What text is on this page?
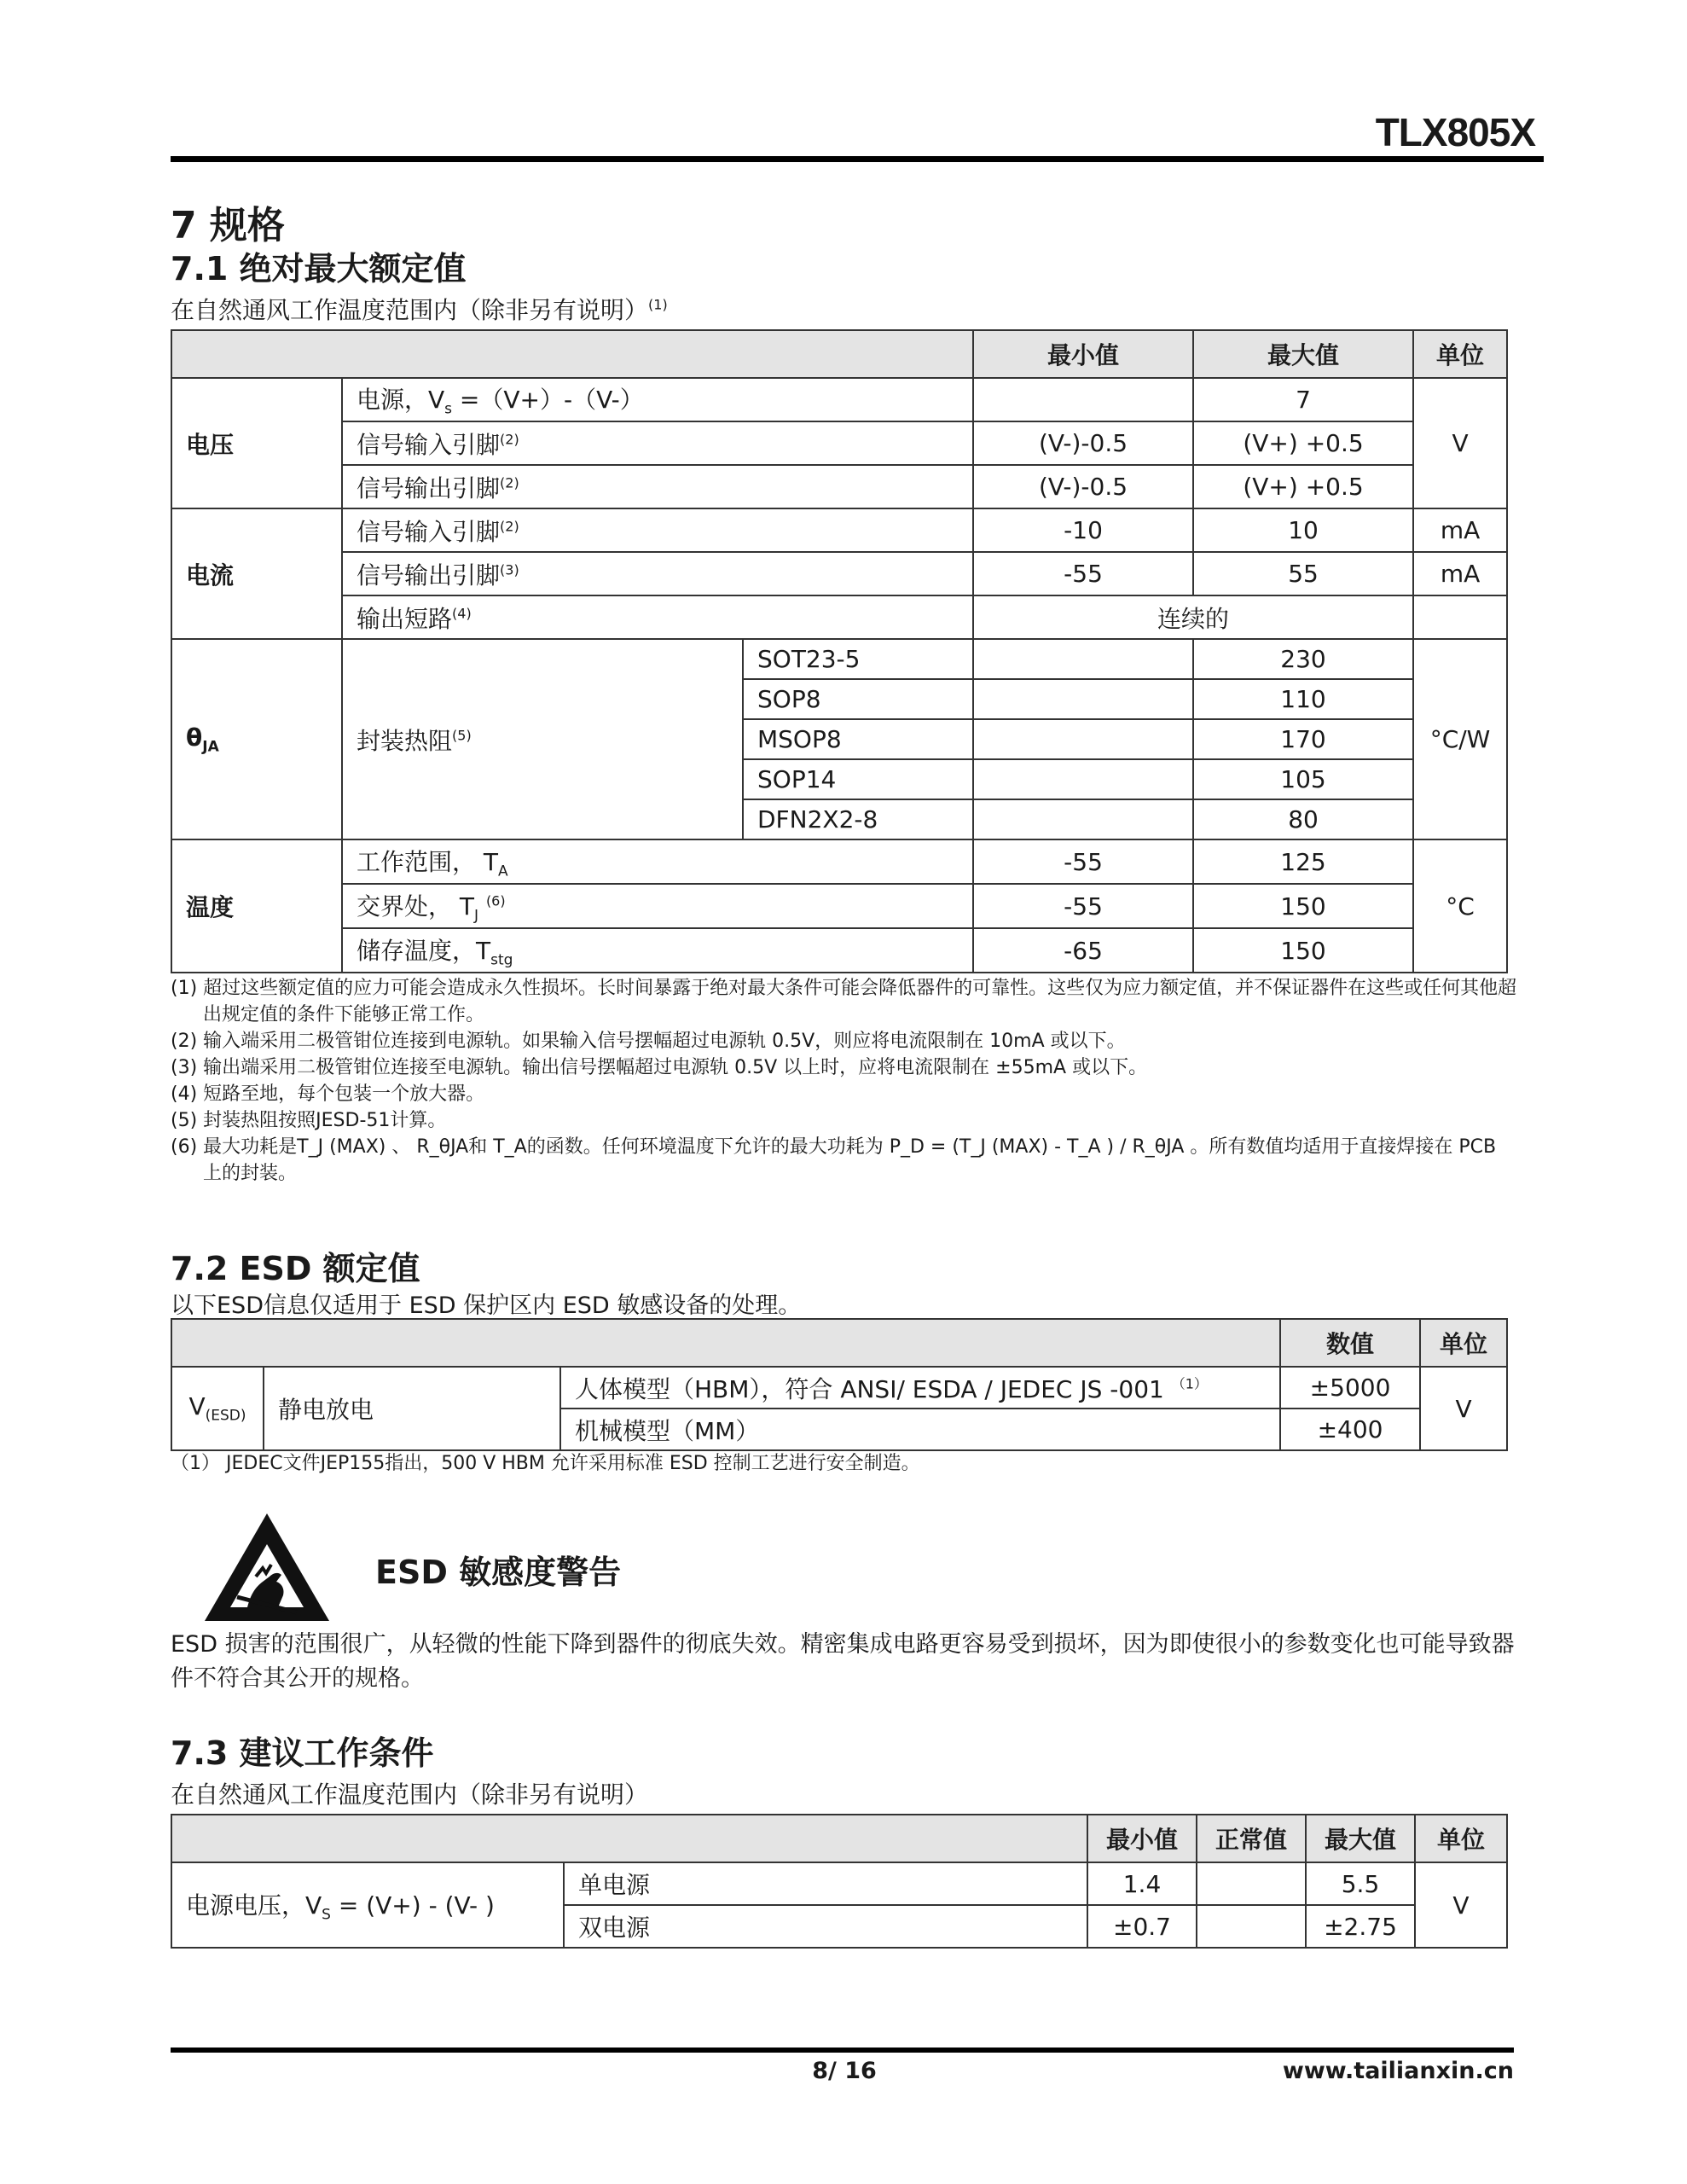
TLX805X
7 规格
7.1 绝对最大额定值
在自然通风工作温度范围内（除非另有说明）$^{(1)}$
			最小值	最大值	单位
电压	电源，$V_s =(V+)-(V-)$			7	V
	信号输入引脚$^{(2)}$		(V-)-0.5	(V+) +0.5	
	信号输出引脚$^{(2)}$		(V-)-0.5	(V+) +0.5	
电流	信号输入引脚$^{(2)}$		-10	10	mA
	信号输出引脚$^{(3)}$		-55	55	mA
	输出短路$^{(4)}$		连续的		
$\theta_{JA}$	封装热阻$^{(5)}$	SOT23-5		230	°C/W
		SOP8		110	
		MSOP8		170	
		SOP14		105	
		DFN2X2-8		80	
温度	工作范围， $T_A$		-55	125	°C
	交界处， $T_J$ $^{(6)}$		-55	150	
	储存温度，$T_{stg}$		-65	150	
(1) 超过这些额定值的应力可能会造成永久性损坏。长时间暴露于绝对最大条件可能会降低器件的可靠性。这些仅为应力额定值，并不保证器件在这些或任何其他超出规定值的条件下能够正常工作。
(2) 输入端采用二极管钳位连接到电源轨。如果输入信号摆幅超过电源轨 0.5V，则应将电流限制在 10mA 或以下。
(3) 输出端采用二极管钳位连接至电源轨。输出信号摆幅超过电源轨 0.5V 以上时，应将电流限制在 ±55mA 或以下。
(4) 短路至地，每个包装一个放大器。
(5) 封装热阻按照JESD-51计算。
(6) 最大功耗是T_J (MAX) 、 R_θJA和 T_A的函数。任何环境温度下允许的最大功耗为 P_D = (T_J (MAX) - T_A ) / R_θJA 。所有数值均适用于直接焊接在 PCB 上的封装。
7.2 ESD 额定值
以下ESD信息仅适用于 ESD 保护区内 ESD 敏感设备的处理。
			数值	单位
$V_{(ESD)}$	静电放电	人体模型（HBM），符合 ANSI/ ESDA / JEDEC JS -001 $^{(1)}$	±5000	V
		机械模型（MM）	±400	
（1） JEDEC文件JEP155指出，500 V HBM 允许采用标准 ESD 控制工艺进行安全制造。
ESD 敏感度警告
ESD 损害的范围很广，从轻微的性能下降到器件的彻底失效。精密集成电路更容易受到损坏，因为即使很小的参数变化也可能导致器件不符合其公开的规格。
7.3 建议工作条件
在自然通风工作温度范围内（除非另有说明）
		最小值	正常值	最大值	单位
电源电压，$V_S = (V+) - (V-$ )	单电源	1.4		5.5	V
	双电源	±0.7		±2.75	
8/ 16	www.tailianxin.cn
